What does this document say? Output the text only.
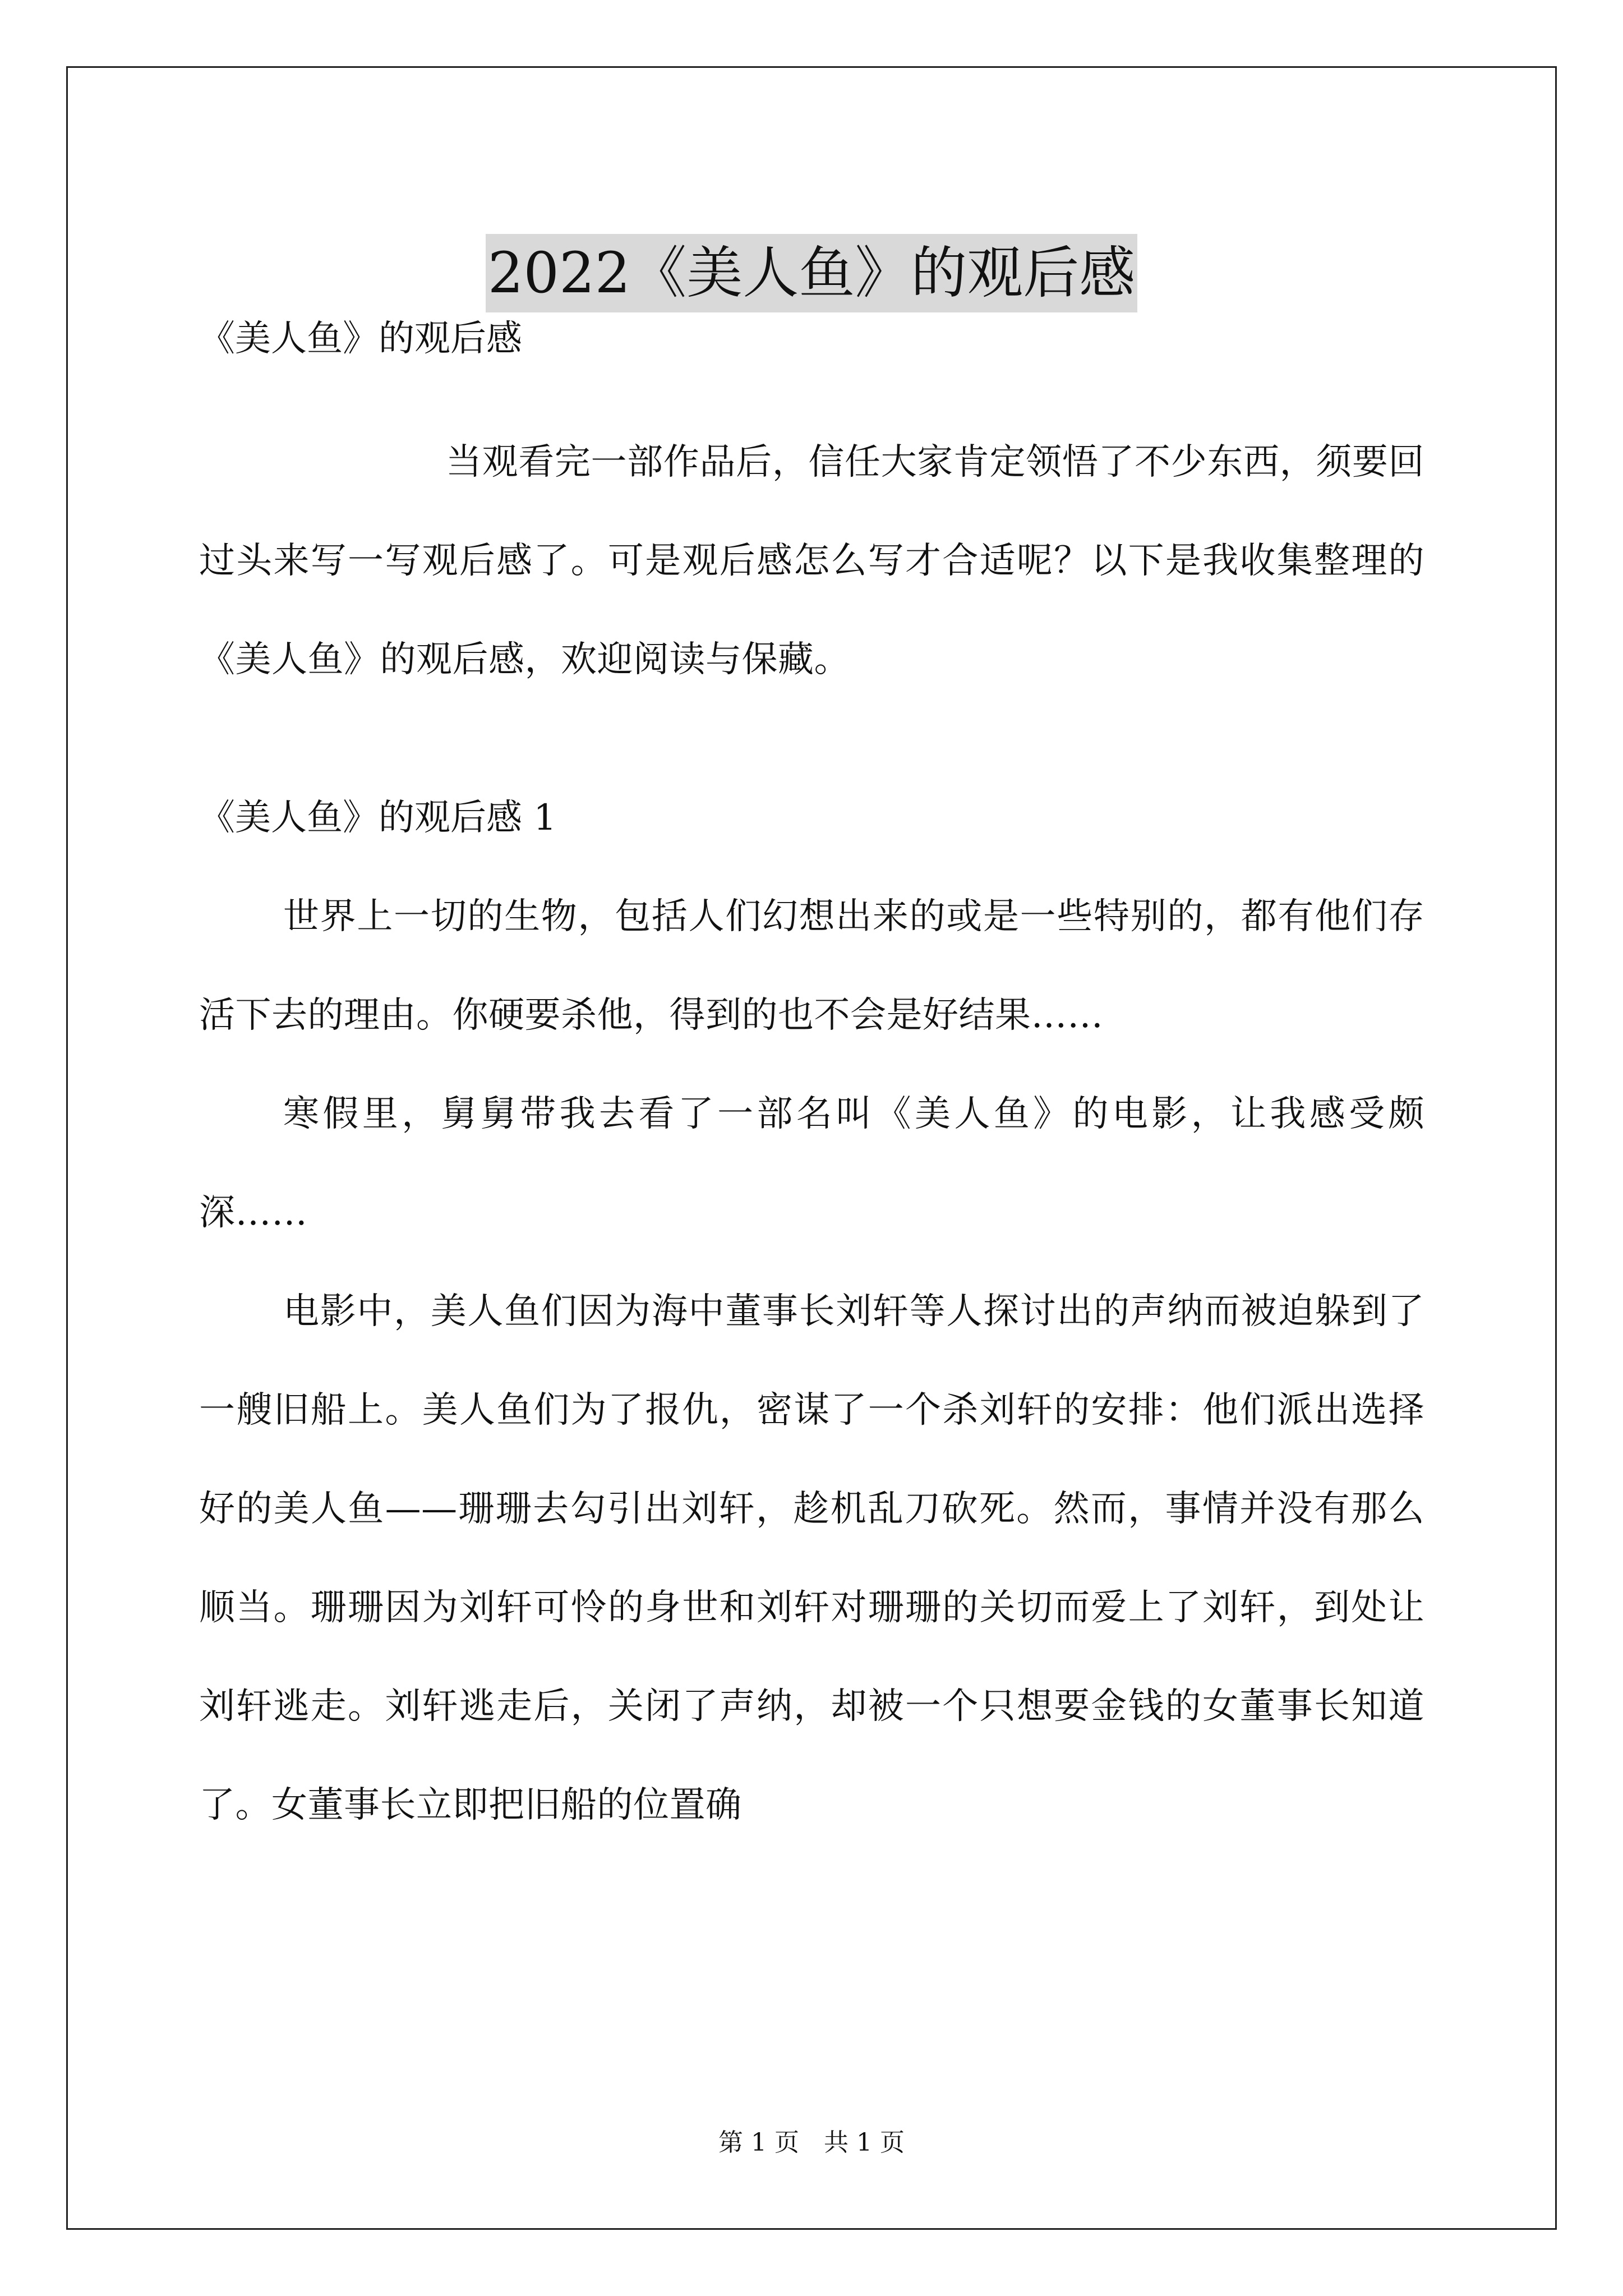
2022《美人鱼》的观后感

《美人鱼》的观后感

当观看完一部作品后，信任大家肯定领悟了不少东西，须要回过头来写一写观后感了。可是观后感怎么写才合适呢？以下是我收集整理的《美人鱼》的观后感，欢迎阅读与保藏。

《美人鱼》的观后感 1

世界上一切的生物，包括人们幻想出来的或是一些特别的，都有他们存活下去的理由。你硬要杀他，得到的也不会是好结果……

寒假里，舅舅带我去看了一部名叫《美人鱼》的电影，让我感受颇深……

电影中，美人鱼们因为海中董事长刘轩等人探讨出的声纳而被迫躲到了一艘旧船上。美人鱼们为了报仇，密谋了一个杀刘轩的安排：他们派出选择好的美人鱼——珊珊去勾引出刘轩，趁机乱刀砍死。然而，事情并没有那么顺当。珊珊因为刘轩可怜的身世和刘轩对珊珊的关切而爱上了刘轩，到处让刘轩逃走。刘轩逃走后，关闭了声纳，却被一个只想要金钱的女董事长知道了。女董事长立即把旧船的位置确

第 1 页　共 1 页
